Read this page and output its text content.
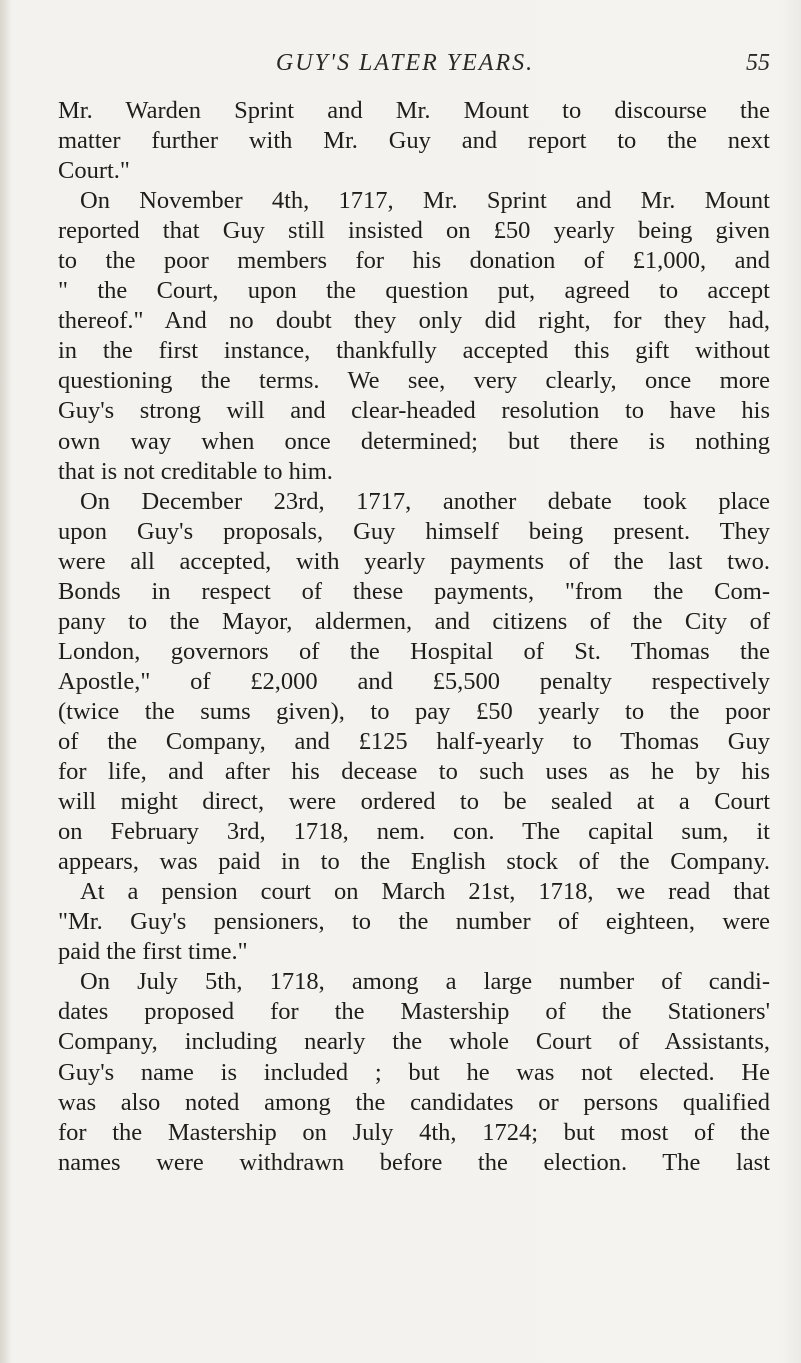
GUY'S LATER YEARS.	55
Mr. Warden Sprint and Mr. Mount to discourse the
matter further with Mr. Guy and report to the next
Court."
On November 4th, 1717, Mr. Sprint and Mr. Mount
reported that Guy still insisted on £50 yearly being given
to the poor members for his donation of £1,000, and
" the Court, upon the question put, agreed to accept
thereof." And no doubt they only did right, for they had,
in the first instance, thankfully accepted this gift without
questioning the terms. We see, very clearly, once more
Guy's strong will and clear-headed resolution to have his
own way when once determined; but there is nothing
that is not creditable to him.
On December 23rd, 1717, another debate took place
upon Guy's proposals, Guy himself being present. They
were all accepted, with yearly payments of the last two.
Bonds in respect of these payments, "from the Com-
pany to the Mayor, aldermen, and citizens of the City of
London, governors of the Hospital of St. Thomas the
Apostle," of £2,000 and £5,500 penalty respectively
(twice the sums given), to pay £50 yearly to the poor
of the Company, and £125 half-yearly to Thomas Guy
for life, and after his decease to such uses as he by his
will might direct, were ordered to be sealed at a Court
on February 3rd, 1718, nem. con. The capital sum, it
appears, was paid in to the English stock of the Company.
At a pension court on March 21st, 1718, we read that
"Mr. Guy's pensioners, to the number of eighteen, were
paid the first time."
On July 5th, 1718, among a large number of candi-
dates proposed for the Mastership of the Stationers'
Company, including nearly the whole Court of Assistants,
Guy's name is included ; but he was not elected. He
was also noted among the candidates or persons qualified
for the Mastership on July 4th, 1724; but most of the
names were withdrawn before the election. The last
